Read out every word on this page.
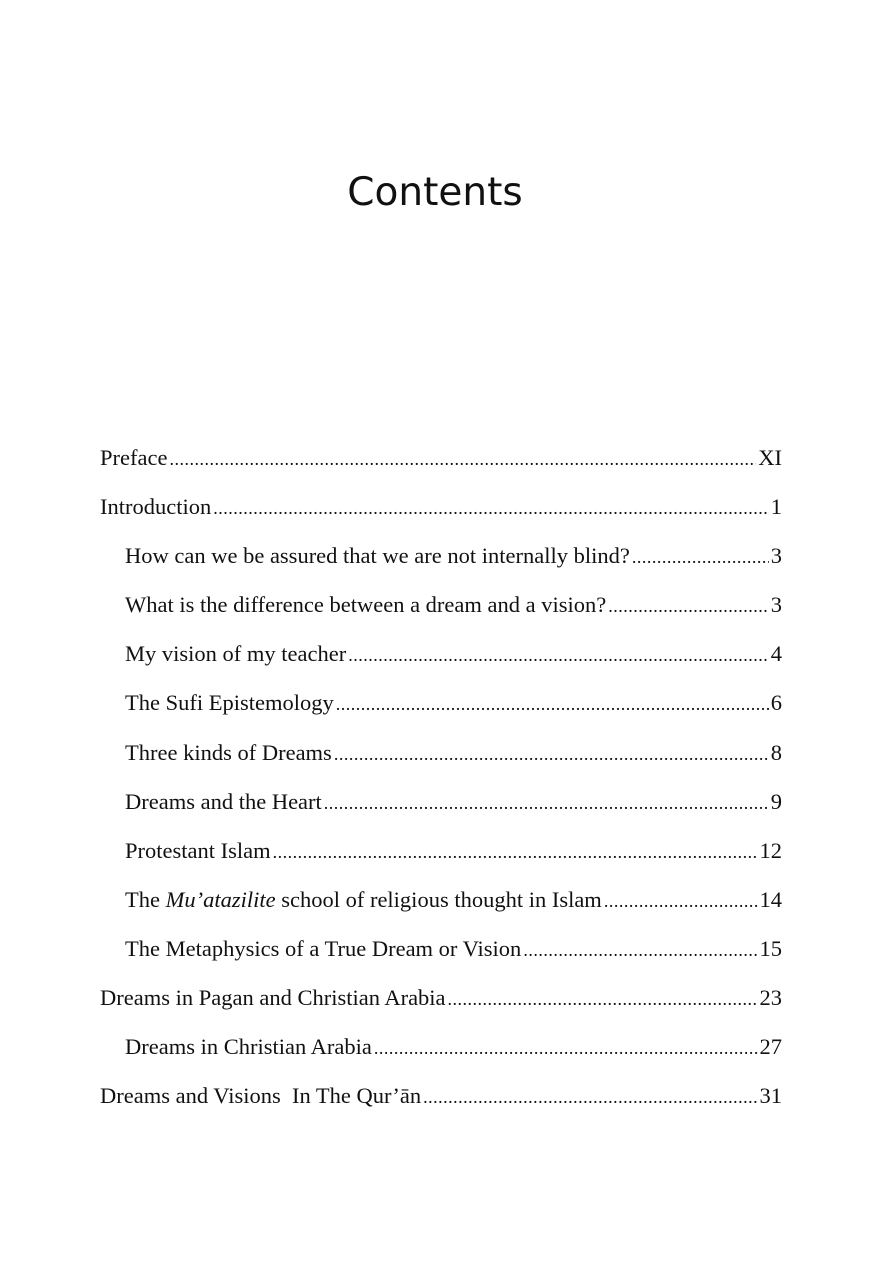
Contents
Preface .....	XI
Introduction .....	1
How can we be assured that we are not internally blind? .....	3
What is the difference between a dream and a vision? .....	3
My vision of my teacher .....	4
The Sufi Epistemology .....	6
Three kinds of Dreams .....	8
Dreams and the Heart .....	9
Protestant Islam .....	12
The Mu’atazilite school of religious thought in Islam .....	14
The Metaphysics of a True Dream or Vision .....	15
Dreams in Pagan and Christian Arabia .....	23
Dreams in Christian Arabia .....	27
Dreams and Visions  In The Qur’ān .....	31
